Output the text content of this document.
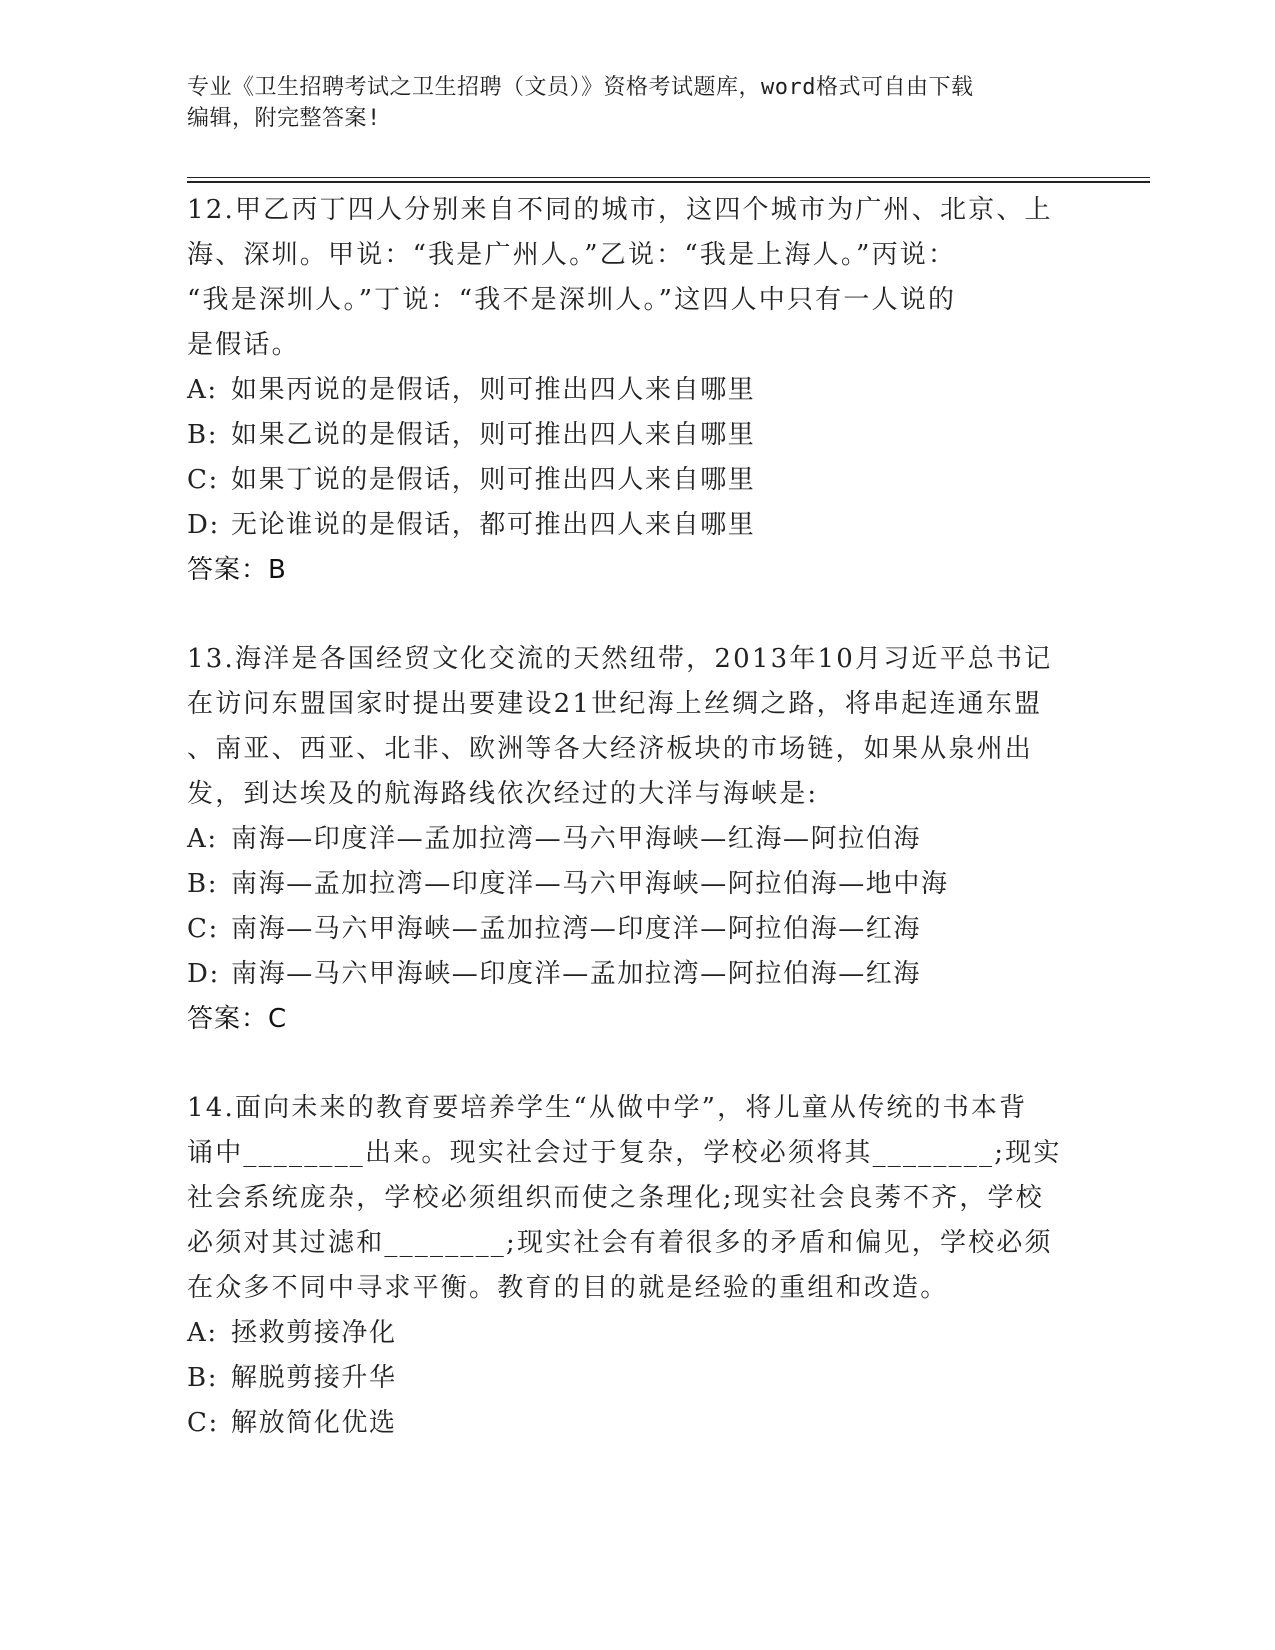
专业《卫生招聘考试之卫生招聘（文员）》资格考试题库，word格式可自由下载
编辑，附完整答案!
12.甲乙丙丁四人分别来自不同的城市，这四个城市为广州、北京、上
海、深圳。甲说：“我是广州人。”乙说：“我是上海人。”丙说：
“我是深圳人。”丁说：“我不是深圳人。”这四人中只有一人说的
是假话。
A: 如果丙说的是假话，则可推出四人来自哪里
B: 如果乙说的是假话，则可推出四人来自哪里
C: 如果丁说的是假话，则可推出四人来自哪里
D: 无论谁说的是假话，都可推出四人来自哪里
答案：B
13.海洋是各国经贸文化交流的天然纽带，2013年10月习近平总书记
在访问东盟国家时提出要建设21世纪海上丝绸之路，将串起连通东盟
、南亚、西亚、北非、欧洲等各大经济板块的市场链，如果从泉州出
发，到达埃及的航海路线依次经过的大洋与海峡是:
A: 南海—印度洋—孟加拉湾—马六甲海峡—红海—阿拉伯海
B: 南海—孟加拉湾—印度洋—马六甲海峡—阿拉伯海—地中海
C: 南海—马六甲海峡—孟加拉湾—印度洋—阿拉伯海—红海
D: 南海—马六甲海峡—印度洋—孟加拉湾—阿拉伯海—红海
答案：C
14.面向未来的教育要培养学生“从做中学”，将儿童从传统的书本背
诵中________出来。现实社会过于复杂，学校必须将其________;现实
社会系统庞杂，学校必须组织而使之条理化;现实社会良莠不齐，学校
必须对其过滤和________;现实社会有着很多的矛盾和偏见，学校必须
在众多不同中寻求平衡。教育的目的就是经验的重组和改造。
A: 拯救剪接净化
B: 解脱剪接升华
C: 解放简化优选
